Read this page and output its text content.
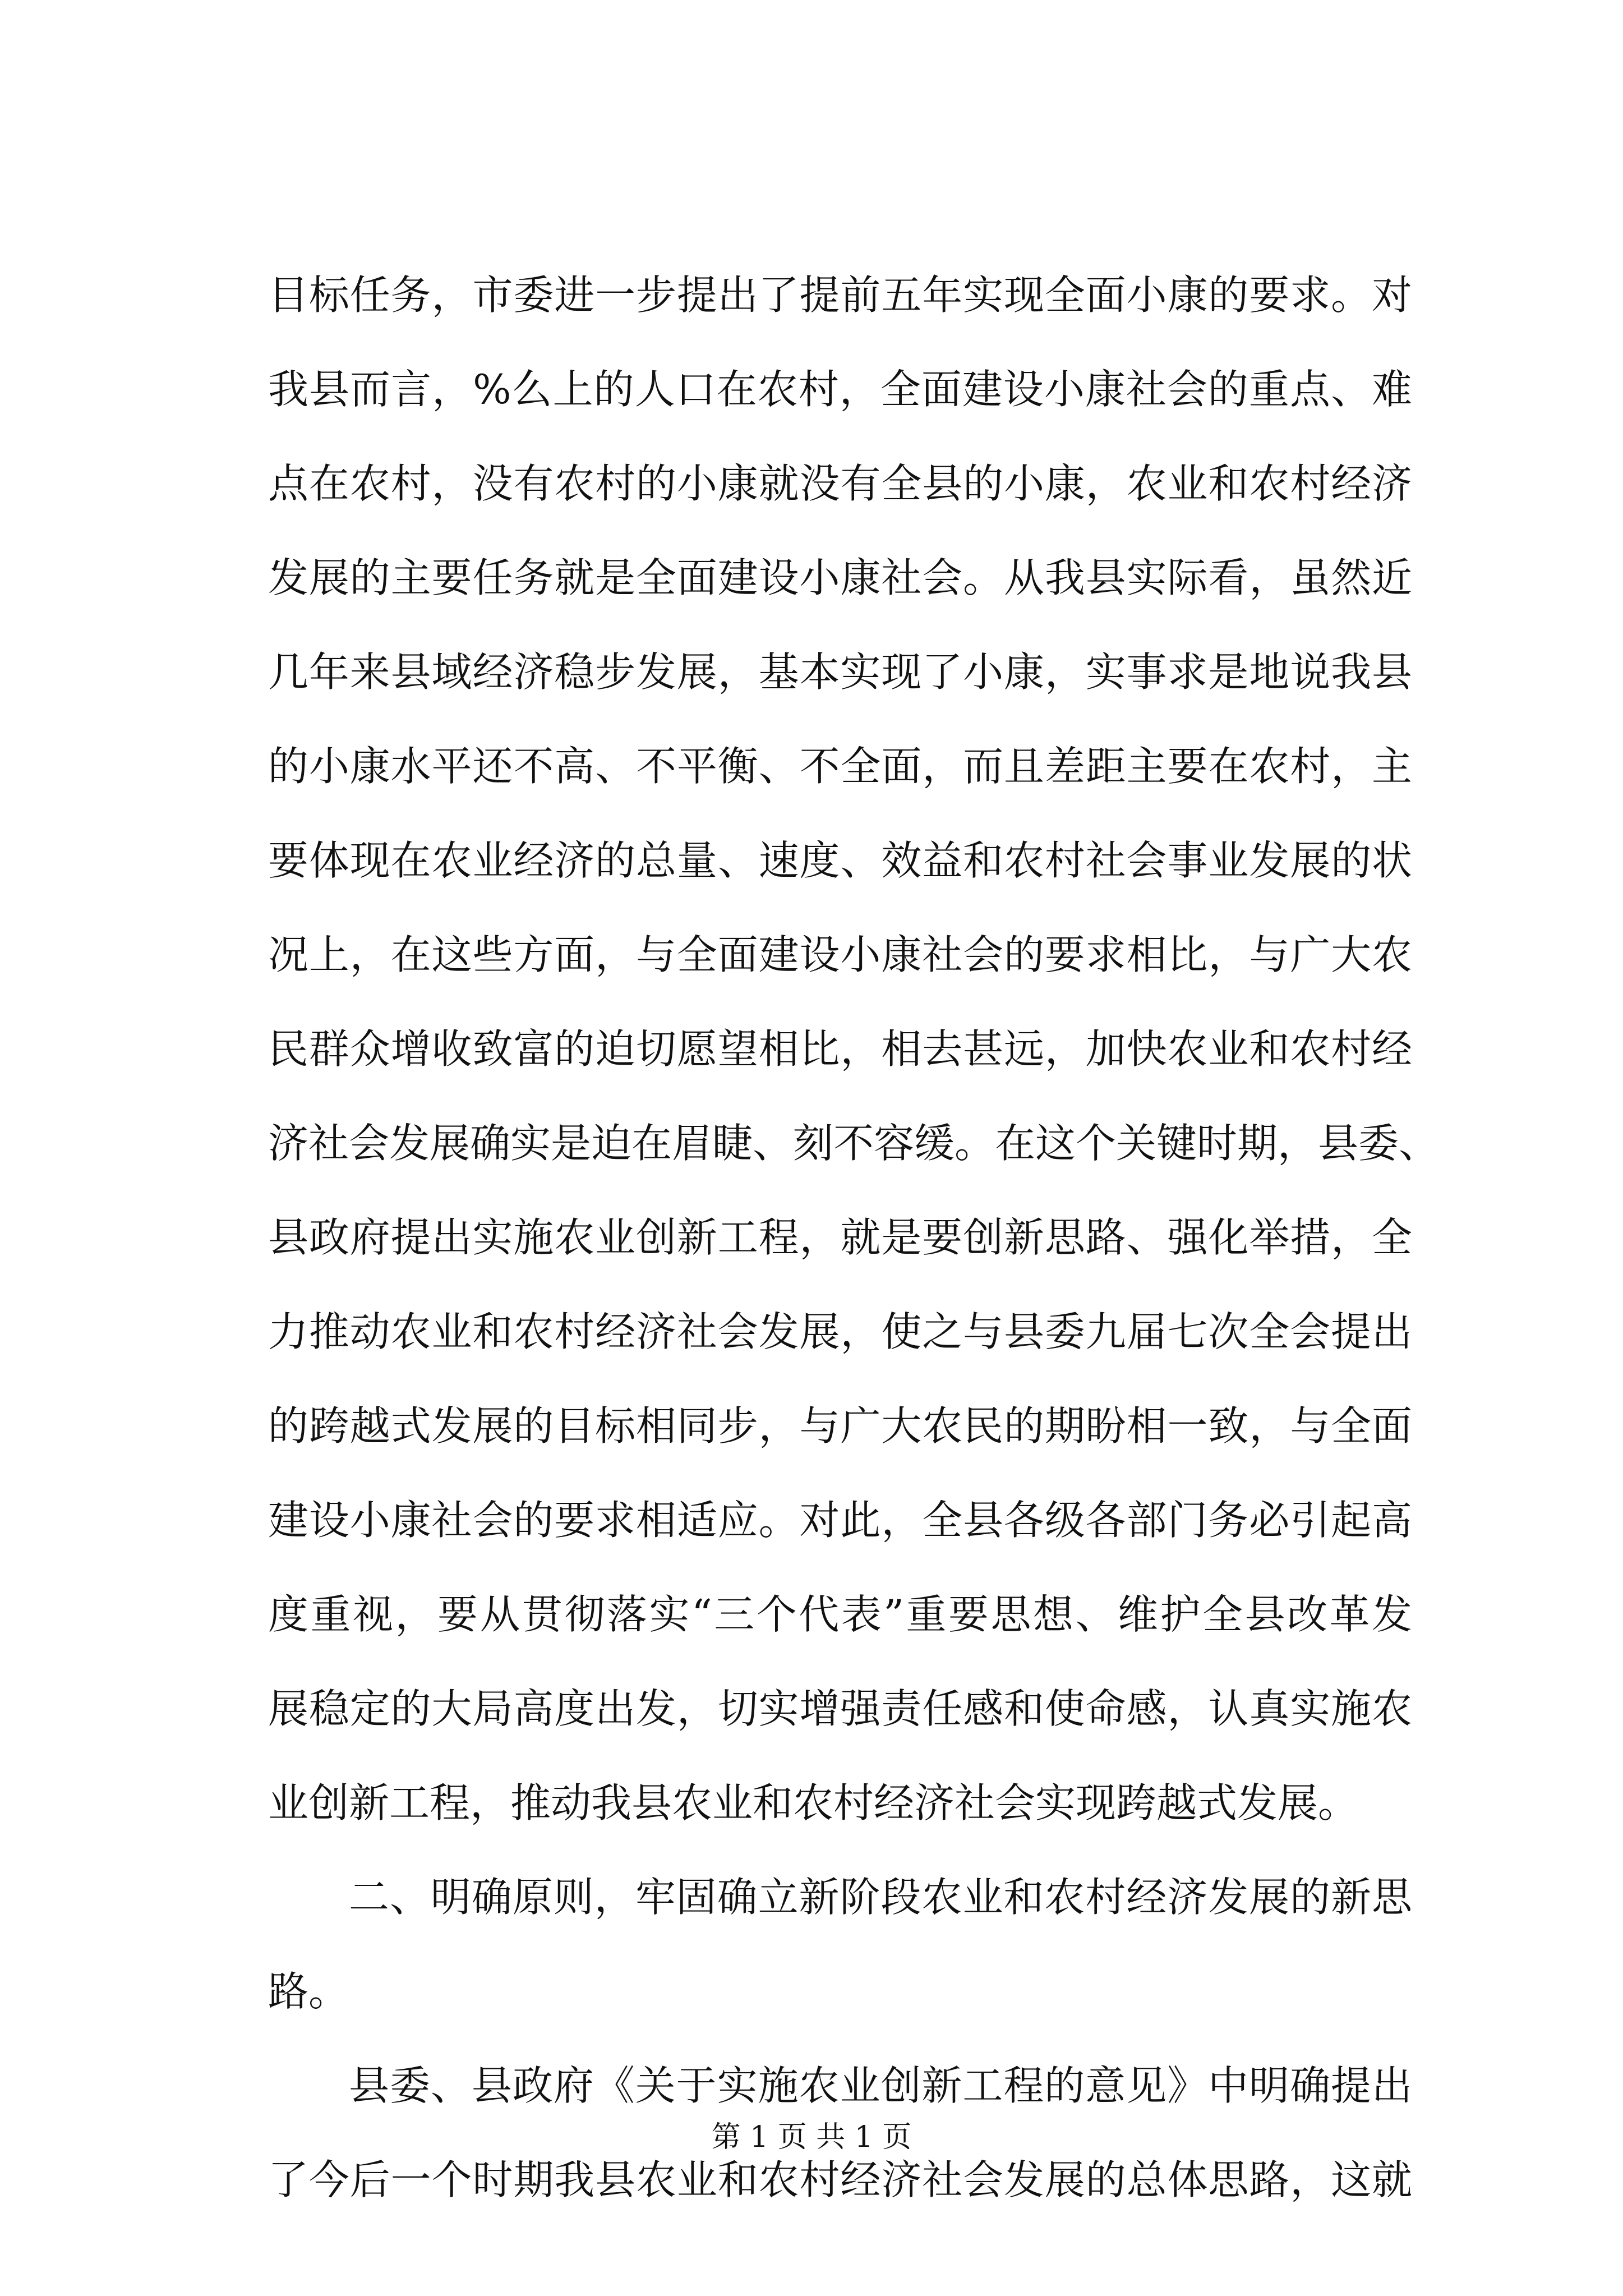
目标任务，市委进一步提出了提前五年实现全面小康的要求。对
我县而言，%么上的人口在农村，全面建设小康社会的重点、难
点在农村，没有农村的小康就没有全县的小康，农业和农村经济
发展的主要任务就是全面建设小康社会。从我县实际看，虽然近
几年来县域经济稳步发展，基本实现了小康，实事求是地说我县
的小康水平还不高、不平衡、不全面，而且差距主要在农村，主
要体现在农业经济的总量、速度、效益和农村社会事业发展的状
况上，在这些方面，与全面建设小康社会的要求相比，与广大农
民群众增收致富的迫切愿望相比，相去甚远，加快农业和农村经
济社会发展确实是迫在眉睫、刻不容缓。在这个关键时期，县委、
县政府提出实施农业创新工程，就是要创新思路、强化举措，全
力推动农业和农村经济社会发展，使之与县委九届七次全会提出
的跨越式发展的目标相同步，与广大农民的期盼相一致，与全面
建设小康社会的要求相适应。对此，全县各级各部门务必引起高
度重视，要从贯彻落实“三个代表”重要思想、维护全县改革发
展稳定的大局高度出发，切实增强责任感和使命感，认真实施农
业创新工程，推动我县农业和农村经济社会实现跨越式发展。
二、明确原则，牢固确立新阶段农业和农村经济发展的新思
路。
县委、县政府《关于实施农业创新工程的意见》中明确提出
了今后一个时期我县农业和农村经济社会发展的总体思路，这就
第 1 页 共 1 页
